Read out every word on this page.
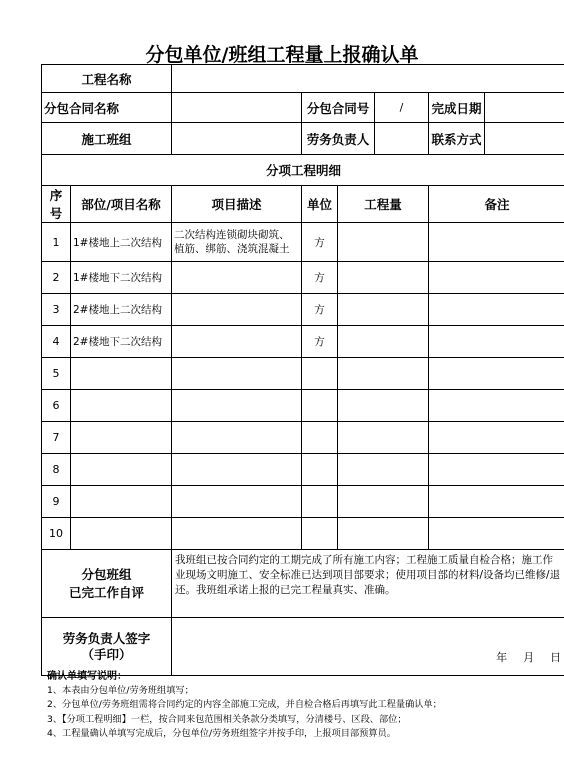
分包单位/班组工程量上报确认单
工程名称							
分包合同名称			分包合同号		/	完成日期	
施工班组			劳务负责人			联系方式	
分项工程明细							
序号	部位/项目名称	项目描述	单位	工程量		备注	
1	1#楼地上二次结构	二次结构连锁砌块砌筑、植筋、绑筋、浇筑混凝土	方				
2	1#楼地下二次结构		方				
3	2#楼地上二次结构		方				
4	2#楼地下二次结构		方				
5							
6							
7							
8							
9							
10							

分包班组
已完工作自评		我班组已按合同约定的工期完成了所有施工内容；工程施工质量自检合格；施工作业现场文明施工、安全标准已达到项目部要求；使用项目部的材料/设备均已维修/退还。我班组承诺上报的已完工程量真实、准确。					

劳务负责人签字
（手印）		年 月 日					
确认单填写说明：
1、本表由分包单位/劳务班组填写；
2、分包单位/劳务班组需将合同约定的内容全部施工完成，并自检合格后再填写此工程量确认单；
3、【分项工程明细】一栏，按合同来包范围相关条款分类填写，分清楼号、区段、部位；
4、工程量确认单填写完成后，分包单位/劳务班组签字并按手印，上报项目部预算员。
